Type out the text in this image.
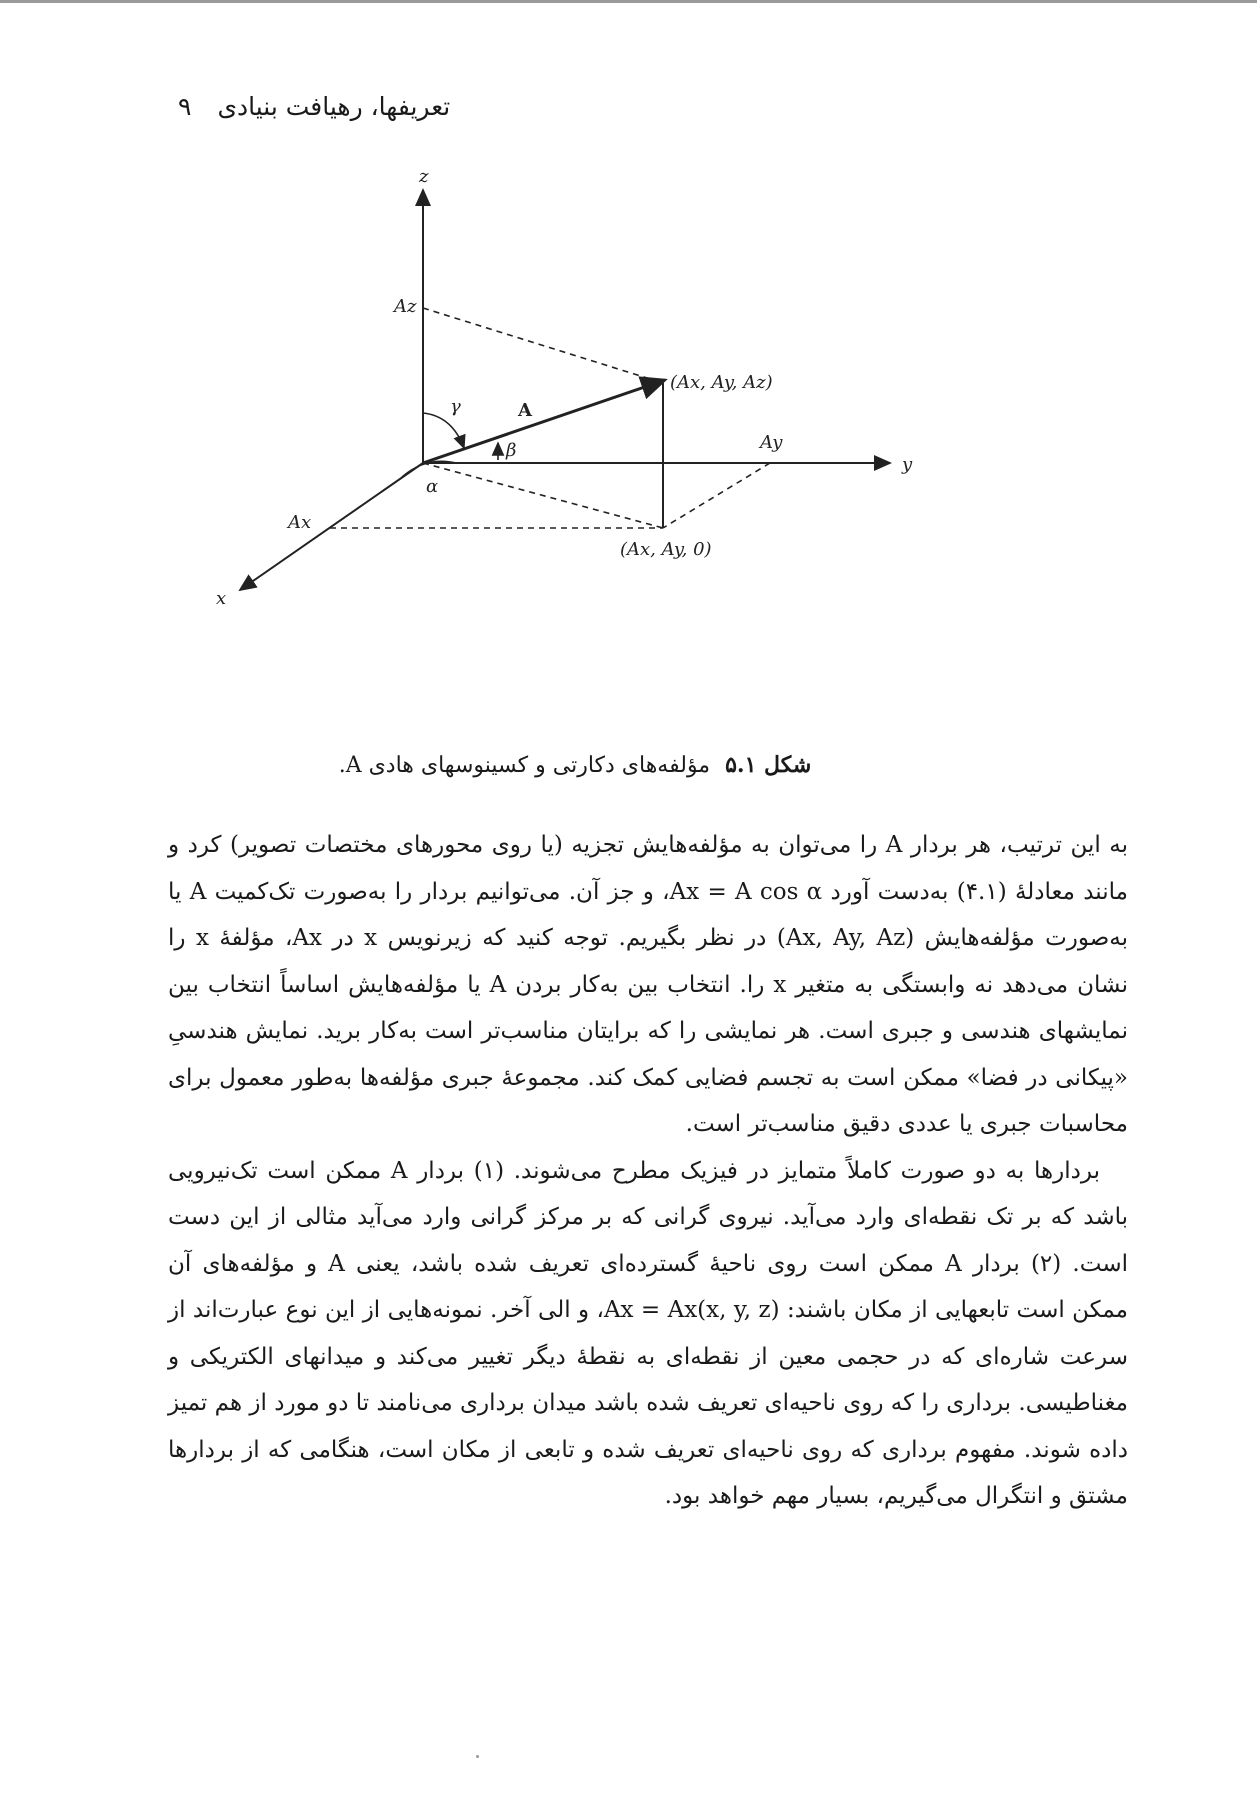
تعریفها، رهیافت بنیادی
۹
z
y
x
Az
Ay
Ax
A
γ
β
α
(Ax, Ay, Az)
(Ax, Ay, 0)
شکل ۵.۱ مؤلفه‌های دکارتی و کسینوسهای هادی A.

به این ترتیب، هر بردار A را می‌توان به مؤلفه‌هایش تجزیه (یا روی محورهای مختصات تصویر) کرد و مانند معادلهٔ (۴.۱) به‌دست آورد Ax = A cos α، و جز آن. می‌توانیم بردار را به‌صورت تک‌کمیت A یا به‌صورت مؤلفه‌هایش (Ax, Ay, Az) در نظر بگیریم. توجه کنید که زیرنویس x در Ax، مؤلفهٔ x را نشان می‌دهد نه وابستگی به متغیر x را. انتخاب بین به‌کار بردن A یا مؤلفه‌هایش اساساً انتخاب بین نمایشهای هندسی و جبری است. هر نمایشی را که برایتان مناسب‌تر است به‌کار برید. نمایش هندسیِ «پیکانی در فضا» ممکن است به تجسم فضایی کمک کند. مجموعهٔ جبری مؤلفه‌ها به‌طور معمول برای محاسبات جبری یا عددی دقیق مناسب‌تر است.

بردارها به دو صورت کاملاً متمایز در فیزیک مطرح می‌شوند. (۱) بردار A ممکن است تک‌نیرویی باشد که بر تک نقطه‌ای وارد می‌آید. نیروی گرانی که بر مرکز گرانی وارد می‌آید مثالی از این دست است. (۲) بردار A ممکن است روی ناحیهٔ گسترده‌ای تعریف شده باشد، یعنی A و مؤلفه‌های آن ممکن است تابعهایی از مکان باشند: Ax = Ax(x, y, z)، و الی آخر. نمونه‌هایی از این نوع عبارت‌اند از سرعت شاره‌ای که در حجمی معین از نقطه‌ای به نقطهٔ دیگر تغییر می‌کند و میدانهای الکتریکی و مغناطیسی. برداری را که روی ناحیه‌ای تعریف شده باشد میدان برداری می‌نامند تا دو مورد از هم تمیز داده شوند. مفهوم برداری که روی ناحیه‌ای تعریف شده و تابعی از مکان است، هنگامی که از بردارها مشتق و انتگرال می‌گیریم، بسیار مهم خواهد بود.
